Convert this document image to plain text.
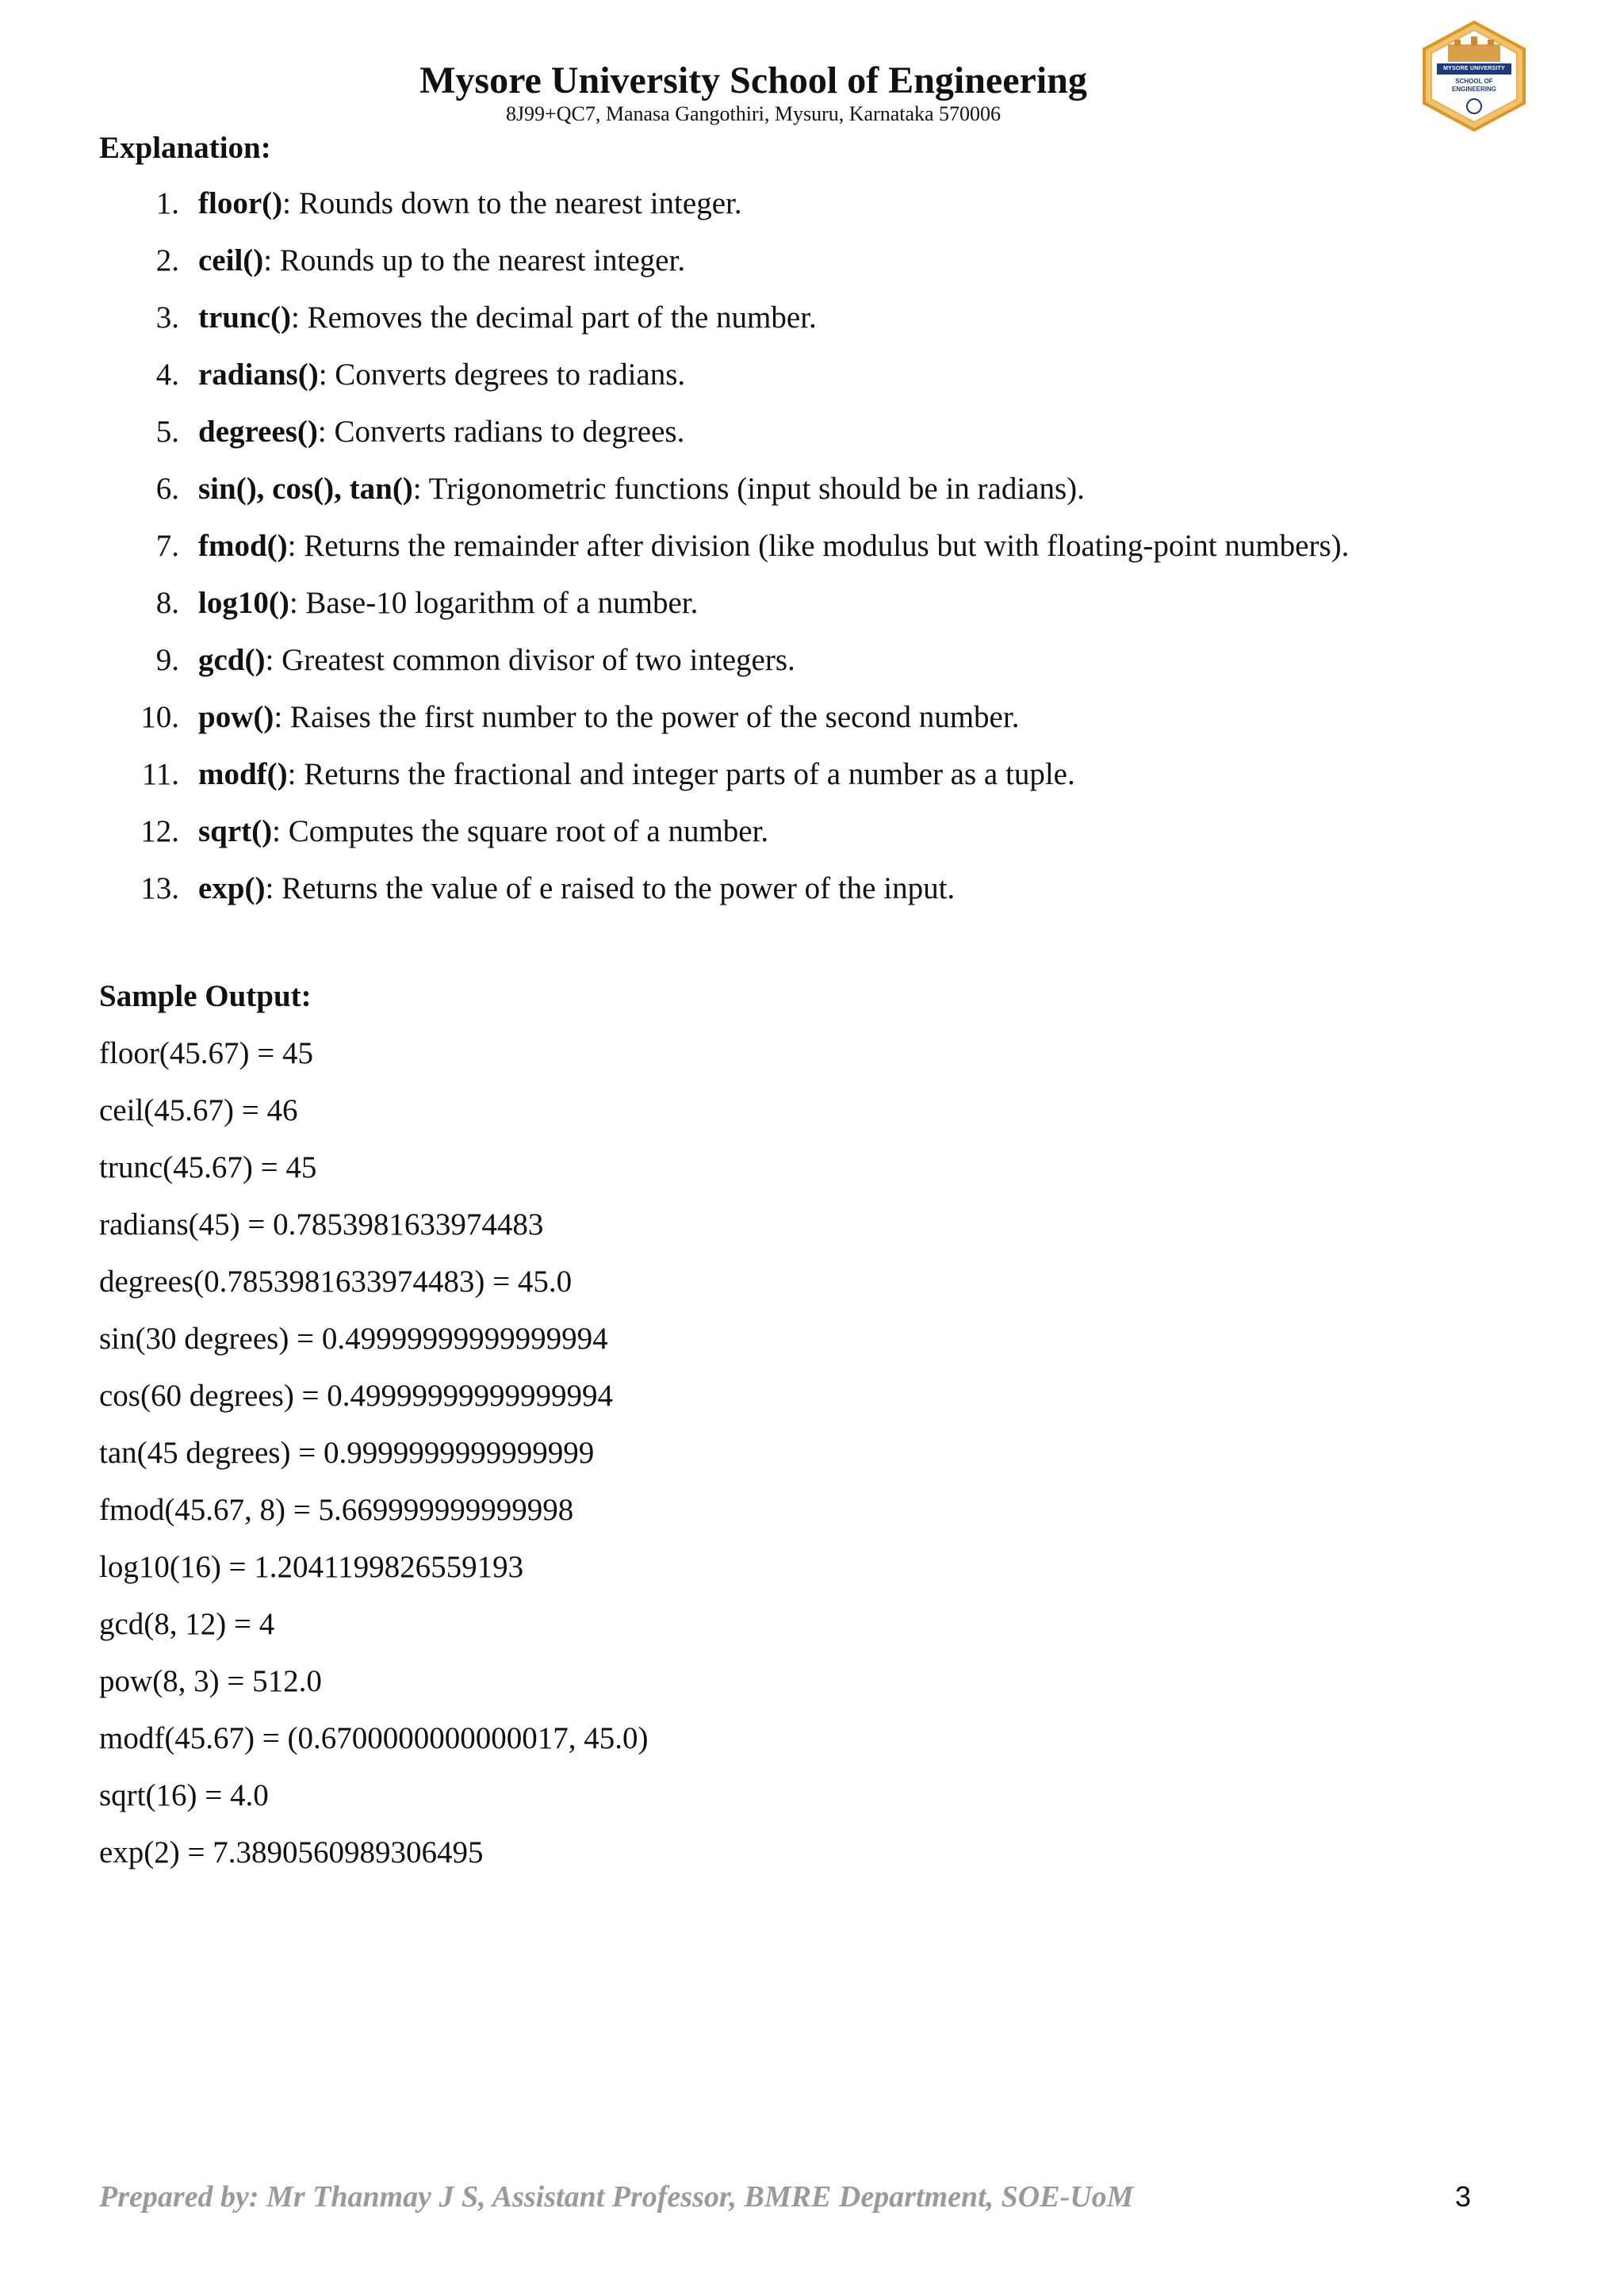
Mysore University School of Engineering
8J99+QC7, Manasa Gangothiri, Mysuru, Karnataka 570006
MYSORE UNIVERSITY
SCHOOL OF
ENGINEERING
Explanation:
1. floor(): Rounds down to the nearest integer.
2. ceil(): Rounds up to the nearest integer.
3. trunc(): Removes the decimal part of the number.
4. radians(): Converts degrees to radians.
5. degrees(): Converts radians to degrees.
6. sin(), cos(), tan(): Trigonometric functions (input should be in radians).
7. fmod(): Returns the remainder after division (like modulus but with floating-point numbers).
8. log10(): Base-10 logarithm of a number.
9. gcd(): Greatest common divisor of two integers.
10. pow(): Raises the first number to the power of the second number.
11. modf(): Returns the fractional and integer parts of a number as a tuple.
12. sqrt(): Computes the square root of a number.
13. exp(): Returns the value of e raised to the power of the input.
Sample Output:
floor(45.67) = 45
ceil(45.67) = 46
trunc(45.67) = 45
radians(45) = 0.7853981633974483
degrees(0.7853981633974483) = 45.0
sin(30 degrees) = 0.49999999999999994
cos(60 degrees) = 0.49999999999999994
tan(45 degrees) = 0.9999999999999999
fmod(45.67, 8) = 5.669999999999998
log10(16) = 1.2041199826559193
gcd(8, 12) = 4
pow(8, 3) = 512.0
modf(45.67) = (0.6700000000000017, 45.0)
sqrt(16) = 4.0
exp(2) = 7.3890560989306495
Prepared by: Mr Thanmay J S, Assistant Professor, BMRE Department, SOE-UoM	3
